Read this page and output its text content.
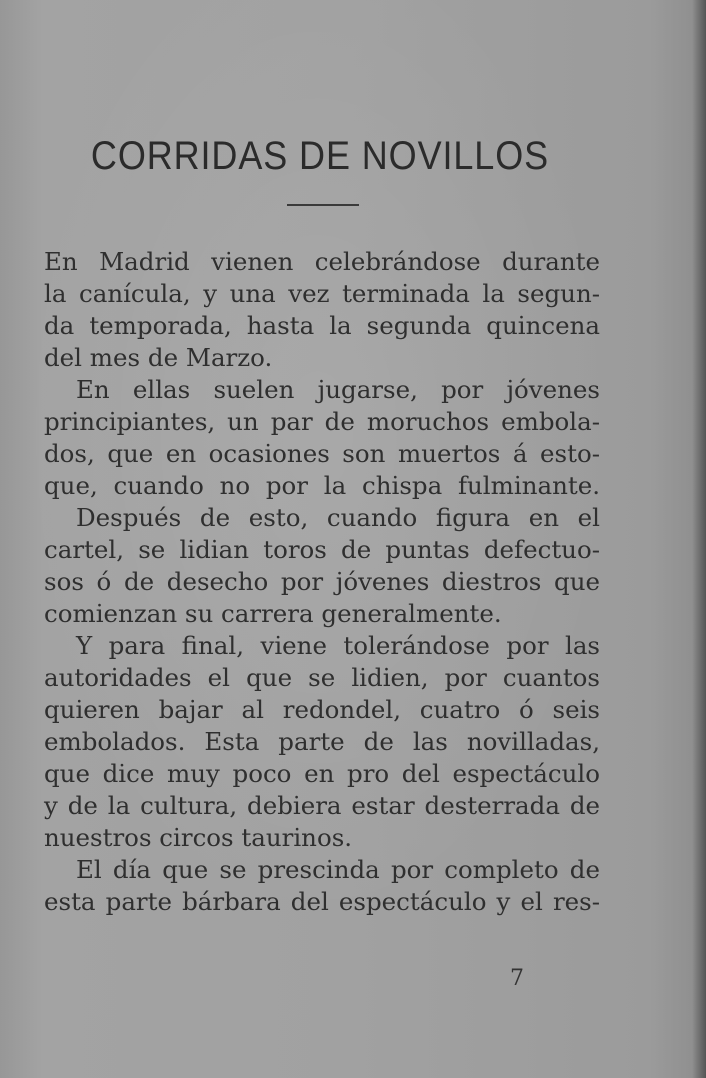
CORRIDAS DE NOVILLOS
En Madrid vienen celebrándose durante
la canícula, y una vez terminada la segun-
da temporada, hasta la segunda quincena
del mes de Marzo.
En ellas suelen jugarse, por jóvenes
principiantes, un par de moruchos embola-
dos, que en ocasiones son muertos á esto-
que, cuando no por la chispa fulminante.
Después de esto, cuando figura en el
cartel, se lidian toros de puntas defectuo-
sos ó de desecho por jóvenes diestros que
comienzan su carrera generalmente.
Y para final, viene tolerándose por las
autoridades el que se lidien, por cuantos
quieren bajar al redondel, cuatro ó seis
embolados. Esta parte de las novilladas,
que dice muy poco en pro del espectáculo
y de la cultura, debiera estar desterrada de
nuestros circos taurinos.
El día que se prescinda por completo de
esta parte bárbara del espectáculo y el res-
7
